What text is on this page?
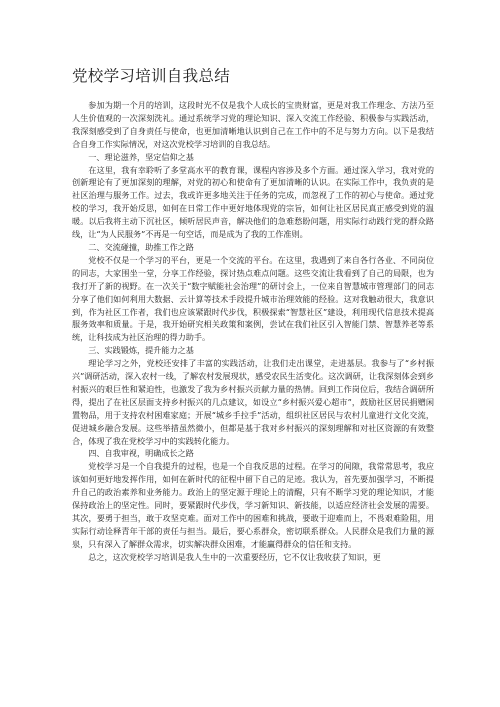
党校学习培训自我总结

参加为期一个月的培训，这段时光不仅是我个人成长的宝贵财富，更是对我工作理念、方法乃至人生价值观的一次深刻洗礼。通过系统学习党的理论知识、深入交流工作经验、积极参与实践活动，我深刻感受到了自身责任与使命，也更加清晰地认识到自己在工作中的不足与努力方向。以下是我结合自身工作实际情况，对这次党校学习培训的自我总结。

一、理论滋养，坚定信仰之基

在这里，我有幸聆听了多堂高水平的教育课，课程内容涉及多个方面。通过深入学习，我对党的创新理论有了更加深刻的理解，对党的初心和使命有了更加清晰的认识。在实际工作中，我负责的是社区治理与服务工作。过去，我或许更多地关注于任务的完成，而忽视了工作的初心与使命。通过党校的学习，我开始反思，如何在日常工作中更好地体现党的宗旨，如何让社区居民真正感受到党的温暖。以后我将主动下沉社区，倾听居民声音，解决他们的急难愁盼问题，用实际行动践行党的群众路线，让“为人民服务”不再是一句空话，而是成为了我的工作准则。

二、交流碰撞，助推工作之路

党校不仅是一个学习的平台，更是一个交流的平台。在这里，我遇到了来自各行各业、不同岗位的同志，大家围坐一堂，分享工作经验，探讨热点难点问题。这些交流让我看到了自己的局限，也为我打开了新的视野。在一次关于“数字赋能社会治理”的研讨会上，一位来自智慧城市管理部门的同志分享了他们如何利用大数据、云计算等技术手段提升城市治理效能的经验。这对我触动很大，我意识到，作为社区工作者，我们也应该紧跟时代步伐，积极探索“智慧社区”建设，利用现代信息技术提高服务效率和质量。于是，我开始研究相关政策和案例，尝试在我们社区引入智能门禁、智慧养老等系统，让科技成为社区治理的得力助手。

三、实践锻炼，提升能力之基

理论学习之外，党校还安排了丰富的实践活动，让我们走出课堂，走进基层。我参与了“乡村振兴”调研活动，深入农村一线，了解农村发展现状，感受农民生活变化。这次调研，让我深刻体会到乡村振兴的艰巨性和紧迫性，也激发了我为乡村振兴贡献力量的热情。回到工作岗位后，我结合调研所得，提出了在社区层面支持乡村振兴的几点建议，如设立“乡村振兴爱心超市”，鼓励社区居民捐赠闲置物品，用于支持农村困难家庭；开展“城乡手拉手”活动，组织社区居民与农村儿童进行文化交流，促进城乡融合发展。这些举措虽然微小，但都是基于我对乡村振兴的深刻理解和对社区资源的有效整合，体现了我在党校学习中的实践转化能力。

四、自我审视，明确成长之路

党校学习是一个自我提升的过程，也是一个自我反思的过程。在学习的间隙，我常常思考，我应该如何更好地发挥作用，如何在新时代的征程中留下自己的足迹。我认为，首先要加强学习，不断提升自己的政治素养和业务能力。政治上的坚定源于理论上的清醒，只有不断学习党的理论知识，才能保持政治上的坚定性。同时，要紧跟时代步伐，学习新知识、新技能，以适应经济社会发展的需要。其次，要勇于担当，敢于攻坚克难。面对工作中的困难和挑战，要敢于迎难而上，不畏艰难险阻，用实际行动诠释青年干部的责任与担当。最后，要心系群众，密切联系群众。人民群众是我们力量的源泉，只有深入了解群众需求，切实解决群众困难，才能赢得群众的信任和支持。

总之，这次党校学习培训是我人生中的一次重要经历，它不仅让我收获了知识，更
